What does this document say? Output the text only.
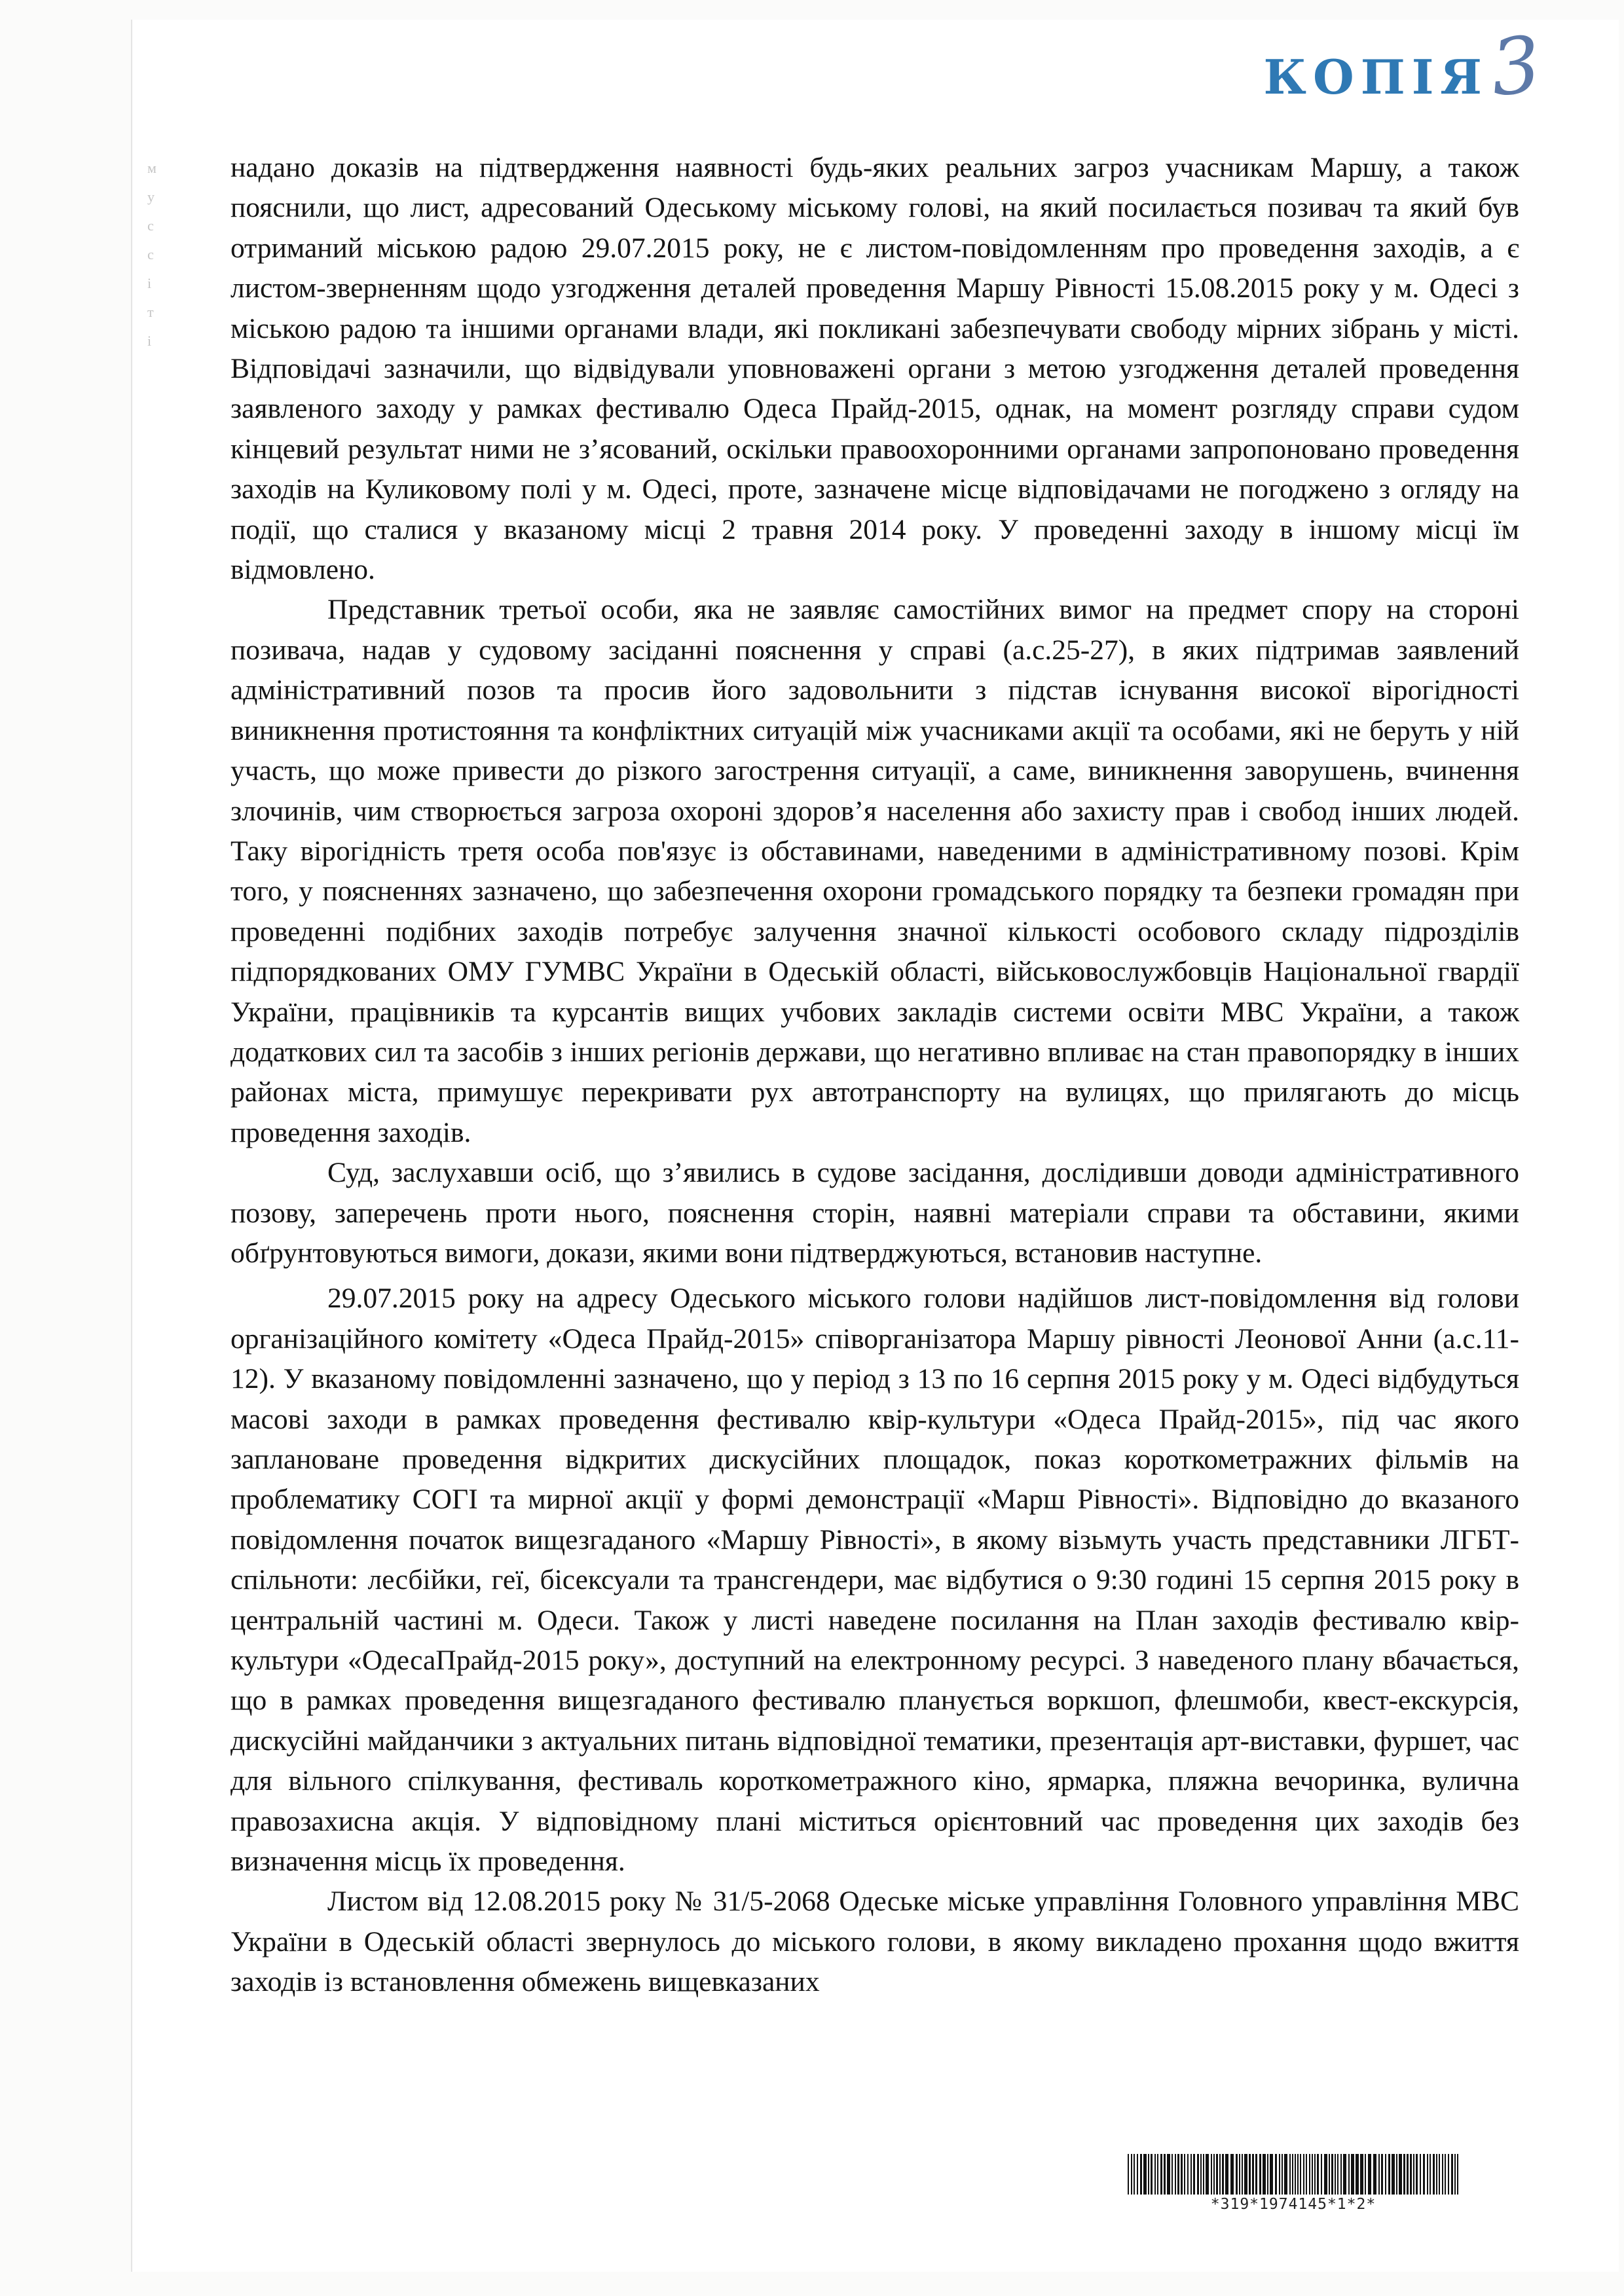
м
у
с
с
і
т
і
КОПІЯ
3

надано доказів на підтвердження наявності будь-яких реальних загроз учасникам Маршу, а також пояснили, що лист, адресований Одеському міському голові, на який посилається позивач та який був отриманий міською радою 29.07.2015 року, не є листом-повідомленням про проведення заходів, а є листом-зверненням щодо узгодження деталей проведення Маршу Рівності 15.08.2015 року у м. Одесі з міською радою та іншими органами влади, які покликані забезпечувати свободу мірних зібрань у місті. Відповідачі зазначили, що відвідували уповноважені органи з метою узгодження деталей проведення заявленого заходу у рамках фестивалю Одеса Прайд-2015, однак, на момент розгляду справи судом кінцевий результат ними не з’ясований, оскільки правоохоронними органами запропоновано проведення заходів на Куликовому полі у м. Одесі, проте, зазначене місце відповідачами не погоджено з огляду на події, що сталися у вказаному місці 2 травня 2014 року. У проведенні заходу в іншому місці їм відмовлено.

Представник третьої особи, яка не заявляє самостійних вимог на предмет спору на стороні позивача, надав у судовому засіданні пояснення у справі (а.с.25-27), в яких підтримав заявлений адміністративний позов та просив його задовольнити з підстав існування високої вірогідності виникнення протистояння та конфліктних ситуацій між учасниками акції та особами, які не беруть у ній участь, що може привести до різкого загострення ситуації, а саме, виникнення заворушень, вчинення злочинів, чим створюється загроза охороні здоров’я населення або захисту прав і свобод інших людей. Таку вірогідність третя особа пов'язує із обставинами, наведеними в адміністративному позові. Крім того, у поясненнях зазначено, що забезпечення охорони громадського порядку та безпеки громадян при проведенні подібних заходів потребує залучення значної кількості особового складу підрозділів підпорядкованих ОМУ ГУМВС України в Одеській області, військовослужбовців Національної гвардії України, працівників та курсантів вищих учбових закладів системи освіти МВС України, а також додаткових сил та засобів з інших регіонів держави, що негативно впливає на стан правопорядку в інших районах міста, примушує перекривати рух автотранспорту на вулицях, що прилягають до місць проведення заходів.

Суд, заслухавши осіб, що з’явились в судове засідання, дослідивши доводи адміністративного позову, заперечень проти нього, пояснення сторін, наявні матеріали справи та обставини, якими обґрунтовуються вимоги, докази, якими вони підтверджуються, встановив наступне.

29.07.2015 року на адресу Одеського міського голови надійшов лист-повідомлення від голови організаційного комітету «Одеса Прайд-2015» співорганізатора Маршу рівності Леонової Анни (а.с.11-12). У вказаному повідомленні зазначено, що у період з 13 по 16 серпня 2015 року у м. Одесі відбудуться масові заходи в рамках проведення фестивалю квір-культури «Одеса Прайд-2015», під час якого заплановане проведення відкритих дискусійних площадок, показ короткометражних фільмів на проблематику СОГІ та мирної акції у формі демонстрації «Марш Рівності». Відповідно до вказаного повідомлення початок вищезгаданого «Маршу Рівності», в якому візьмуть участь представники ЛГБТ-спільноти: лесбійки, геї, бісексуали та трансгендери, має відбутися о 9:30 годині 15 серпня 2015 року в центральній частині м. Одеси. Також у листі наведене посилання на План заходів фестивалю квір-культури «ОдесаПрайд-2015 року», доступний на електронному ресурсі. З наведеного плану вбачається, що в рамках проведення вищезгаданого фестивалю планується воркшоп, флешмоби, квест-екскурсія, дискусійні майданчики з актуальних питань відповідної тематики, презентація арт-виставки, фуршет, час для вільного спілкування, фестиваль короткометражного кіно, ярмарка, пляжна вечоринка, вулична правозахисна акція. У відповідному плані міститься орієнтовний час проведення цих заходів без визначення місць їх проведення.

Листом від 12.08.2015 року № 31/5-2068 Одеське міське управління Головного управління МВС України в Одеській області звернулось до міського голови, в якому викладено прохання щодо вжиття заходів із встановлення обмежень вищевказаних

*319*1974145*1*2*
